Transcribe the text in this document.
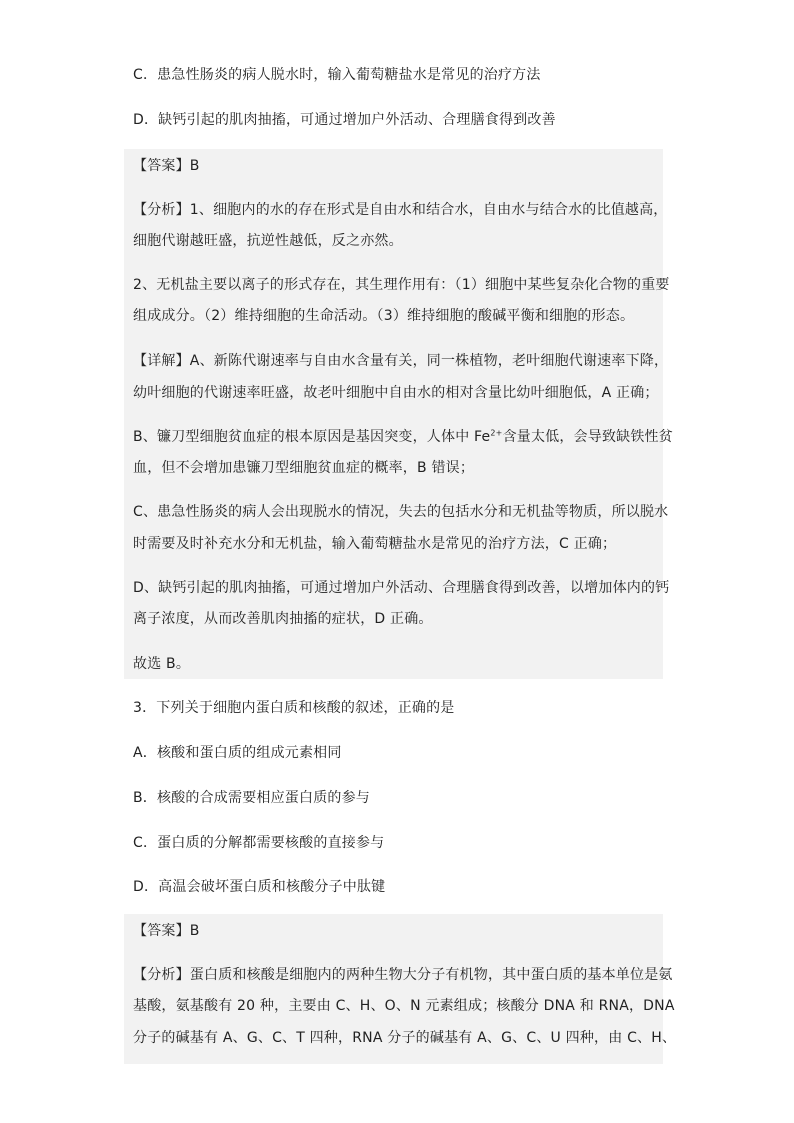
C．患急性肠炎的病人脱水时，输入葡萄糖盐水是常见的治疗方法
D．缺钙引起的肌肉抽搐，可通过增加户外活动、合理膳食得到改善
【答案】B
【分析】1、细胞内的水的存在形式是自由水和结合水，自由水与结合水的比值越高，
细胞代谢越旺盛，抗逆性越低，反之亦然。
2、无机盐主要以离子的形式存在，其生理作用有：（1）细胞中某些复杂化合物的重要
组成成分。（2）维持细胞的生命活动。（3）维持细胞的酸碱平衡和细胞的形态。
【详解】A、新陈代谢速率与自由水含量有关，同一株植物，老叶细胞代谢速率下降，
幼叶细胞的代谢速率旺盛，故老叶细胞中自由水的相对含量比幼叶细胞低，A 正确；
B、镰刀型细胞贫血症的根本原因是基因突变，人体中 $Fe^{2+}$含量太低，会导致缺铁性贫
血，但不会增加患镰刀型细胞贫血症的概率，B 错误；
C、患急性肠炎的病人会出现脱水的情况，失去的包括水分和无机盐等物质，所以脱水
时需要及时补充水分和无机盐，输入葡萄糖盐水是常见的治疗方法，C 正确；
D、缺钙引起的肌肉抽搐，可通过增加户外活动、合理膳食得到改善，以增加体内的钙
离子浓度，从而改善肌肉抽搐的症状，D 正确。
故选 B。
3．下列关于细胞内蛋白质和核酸的叙述，正确的是
A．核酸和蛋白质的组成元素相同
B．核酸的合成需要相应蛋白质的参与
C．蛋白质的分解都需要核酸的直接参与
D．高温会破坏蛋白质和核酸分子中肽键
【答案】B
【分析】蛋白质和核酸是细胞内的两种生物大分子有机物，其中蛋白质的基本单位是氨
基酸，氨基酸有 20 种，主要由 C、H、O、N 元素组成；核酸分 DNA 和 RNA，DNA
分子的碱基有 A、G、C、T 四种，RNA 分子的碱基有 A、G、C、U 四种，由 C、H、
